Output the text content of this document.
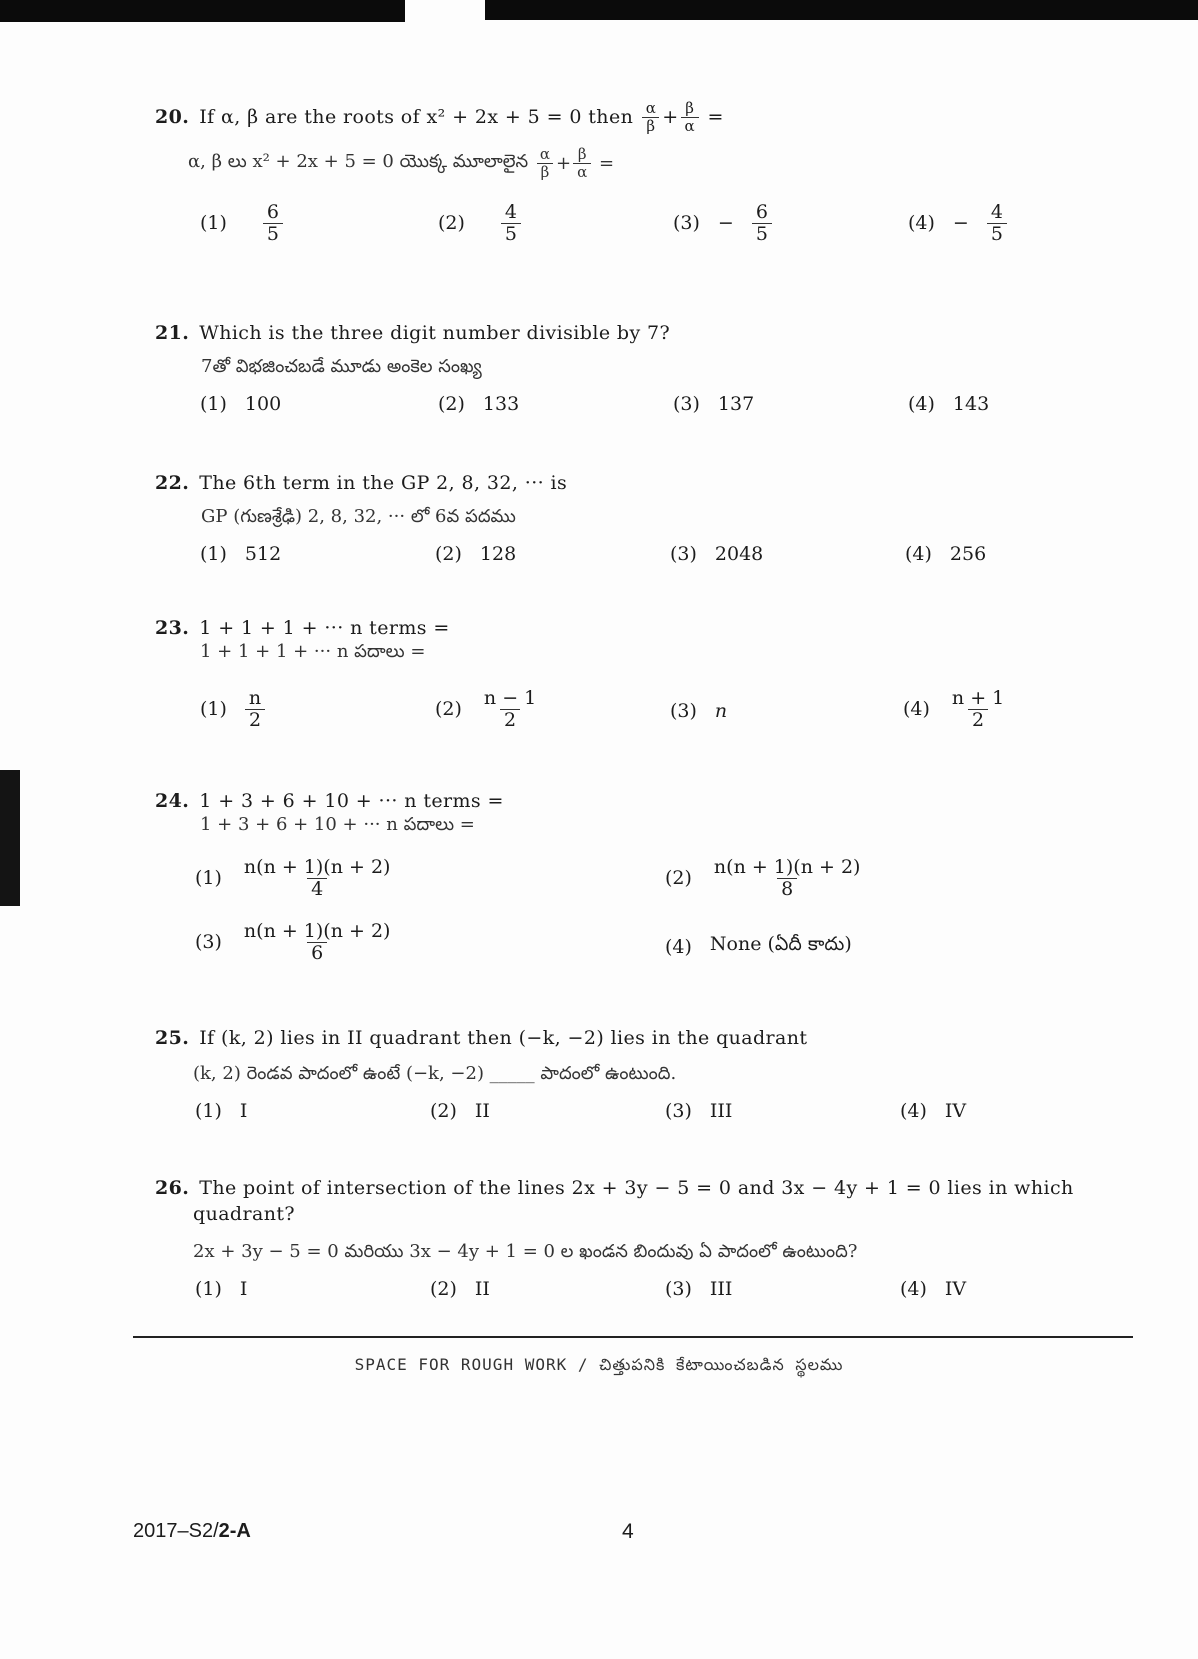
20. If α, β are the roots of x² + 2x + 5 = 0 then
$\frac{\alpha}{\beta} + \frac{\beta}{\alpha}$
=
α, β లు x² + 2x + 5 = 0 యొక్క మూలాలైన
$\frac{\alpha}{\beta} + \frac{\beta}{\alpha}$
=
$(1) \frac{6}{5}$	$(2) \frac{4}{5}$	$(3) - \frac{6}{5}$	$(4) - \frac{4}{5}$
21. Which is the three digit number divisible by 7?
7తో విభజించబడే మూడు అంకెల సంఖ్య
(1) 100	(2) 133	(3) 137	(4) 143
22. The 6th term in the GP 2, 8, 32, ··· is
GP (గుణశ్రేఢి) 2, 8, 32, ··· లో 6వ పదము
(1) 512	(2) 128	(3) 2048	(4) 256
23. 1 + 1 + 1 + ··· n terms =
1 + 1 + 1 + ··· n పదాలు =
$(1) \frac{n}{2}$	$(2) \frac{n - 1}{2}$	(3) n	$(4) \frac{n + 1}{2}$
24. 1 + 3 + 6 + 10 + ··· n terms =
1 + 3 + 6 + 10 + ··· n పదాలు =
$(1) \frac{n(n + 1)(n + 2)}{4}$	$(2) \frac{n(n + 1)(n + 2)}{8}$
$(3) \frac{n(n + 1)(n + 2)}{6}$	(4) None (ఏదీ కాదు)
25. If (k, 2) lies in II quadrant then (−k, −2) lies in the quadrant
(k, 2) రెండవ పాదంలో ఉంటే (−k, −2) _____ పాదంలో ఉంటుంది.
(1) I	(2) II	(3) III	(4) IV
26. The point of intersection of the lines 2x + 3y − 5 = 0 and 3x − 4y + 1 = 0 lies in which
quadrant?
2x + 3y − 5 = 0 మరియు 3x − 4y + 1 = 0 ల ఖండన బిందువు ఏ పాదంలో ఉంటుంది?
(1) I	(2) II	(3) III	(4) IV
SPACE FOR ROUGH WORK / చిత్తుపనికి కేటాయించబడిన స్థలము
2017–S2/2-A	4
